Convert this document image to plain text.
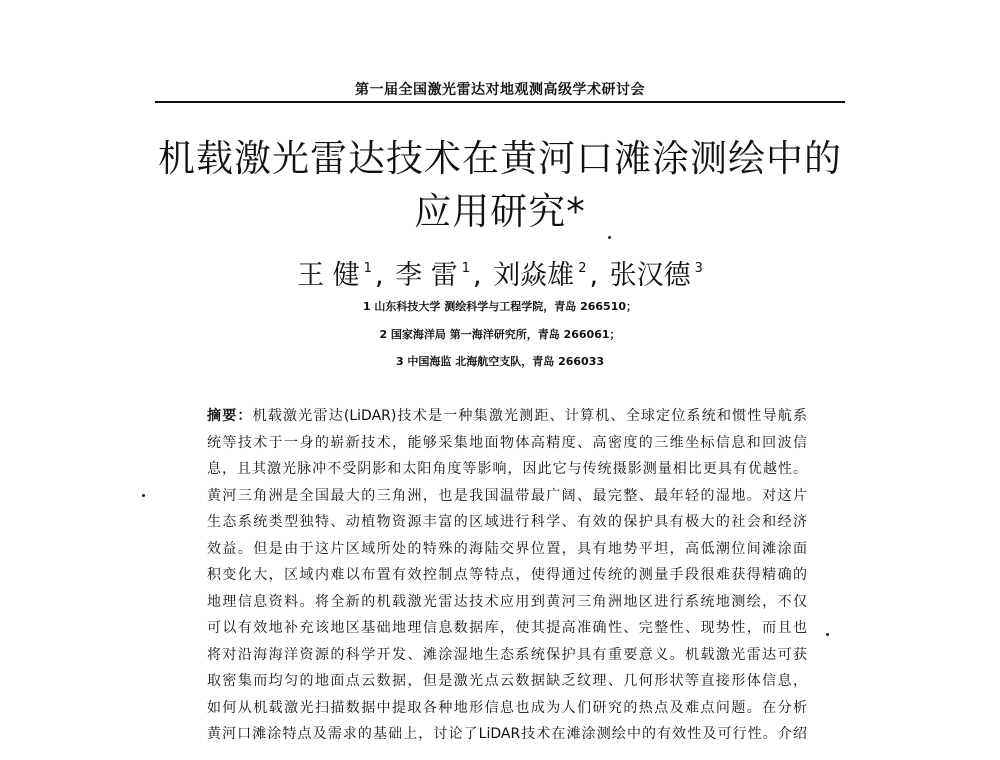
第一届全国激光雷达对地观测高级学术研讨会
机载激光雷达技术在黄河口滩涂测绘中的
应用研究*
王 健 $^1$ , 李 雷 $^1$ , 刘焱雄 $^2$ , 张汉德 $^3$
1 山东科技大学 测绘科学与工程学院，青岛 266510；
2 国家海洋局 第一海洋研究所，青岛 266061；
3 中国海监 北海航空支队，青岛 266033
摘要：机载激光雷达(LiDAR)技术是一种集激光测距、计算机、全球定位系统和惯性导航系
统等技术于一身的崭新技术，能够采集地面物体高精度、高密度的三维坐标信息和回波信
息，且其激光脉冲不受阴影和太阳角度等影响，因此它与传统摄影测量相比更具有优越性。
黄河三角洲是全国最大的三角洲，也是我国温带最广阔、最完整、最年轻的湿地。对这片
生态系统类型独特、动植物资源丰富的区域进行科学、有效的保护具有极大的社会和经济
效益。但是由于这片区域所处的特殊的海陆交界位置，具有地势平坦，高低潮位间滩涂面
积变化大，区域内难以布置有效控制点等特点，使得通过传统的测量手段很难获得精确的
地理信息资料。将全新的机载激光雷达技术应用到黄河三角洲地区进行系统地测绘，不仅
可以有效地补充该地区基础地理信息数据库，使其提高准确性、完整性、现势性，而且也
将对沿海海洋资源的科学开发、滩涂湿地生态系统保护具有重要意义。机载激光雷达可获
取密集而均匀的地面点云数据，但是激光点云数据缺乏纹理、几何形状等直接形体信息，
如何从机载激光扫描数据中提取各种地形信息也成为人们研究的热点及难点问题。在分析
黄河口滩涂特点及需求的基础上，讨论了LiDAR技术在滩涂测绘中的有效性及可行性。介绍
